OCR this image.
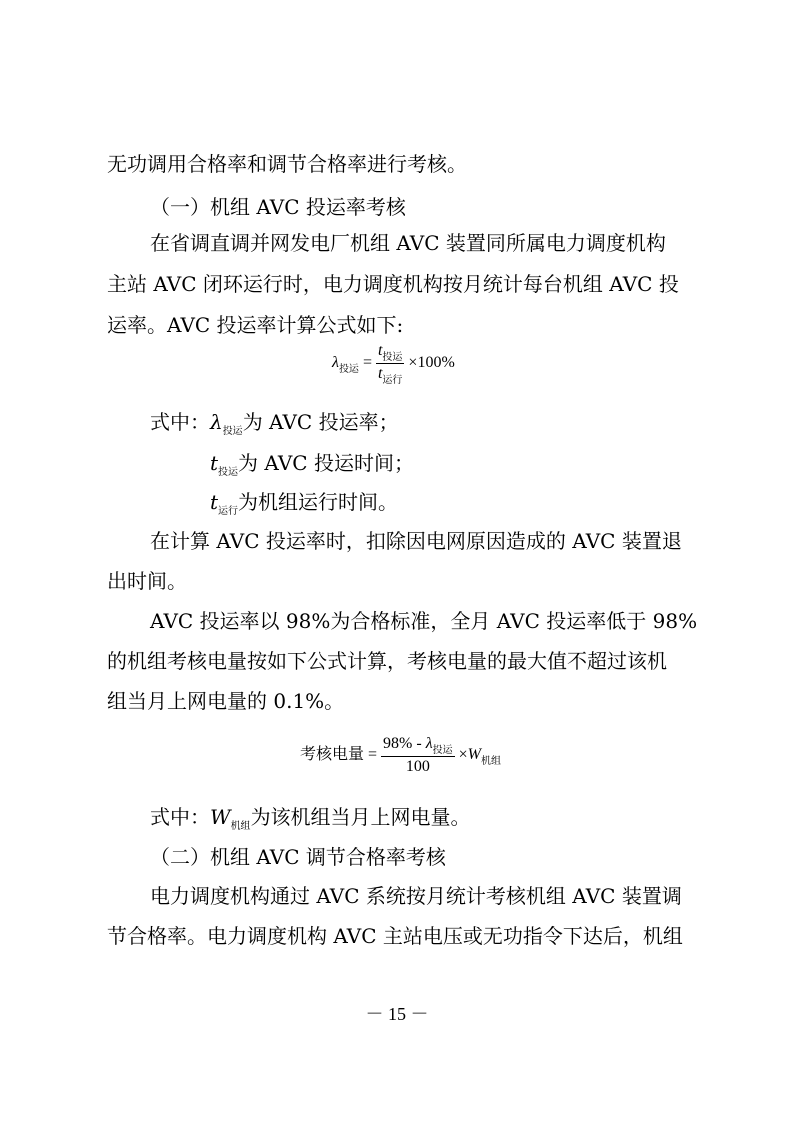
无功调用合格率和调节合格率进行考核。
（一）机组 AVC 投运率考核
在省调直调并网发电厂机组 AVC 装置同所属电力调度机构
主站 AVC 闭环运行时，电力调度机构按月统计每台机组 AVC 投
运率。AVC 投运率计算公式如下:
$\lambda_{投运} = \frac{t_{投运}}{t_{运行}} \times 100\%$
式中：$\lambda_{投运}$为 AVC 投运率；
$t_{投运}$为 AVC 投运时间；
$t_{运行}$为机组运行时间。
在计算 AVC 投运率时，扣除因电网原因造成的 AVC 装置退
出时间。
AVC 投运率以 98%为合格标准，全月 AVC 投运率低于 98%
的机组考核电量按如下公式计算，考核电量的最大值不超过该机
组当月上网电量的 0.1%。
考核电量 = $\frac{98\% - \lambda_{投运}}{100} \times W_{机组}$
式中：$W_{机组}$为该机组当月上网电量。
（二）机组 AVC 调节合格率考核
电力调度机构通过 AVC 系统按月统计考核机组 AVC 装置调
节合格率。电力调度机构 AVC 主站电压或无功指令下达后，机组
－ 15 －
